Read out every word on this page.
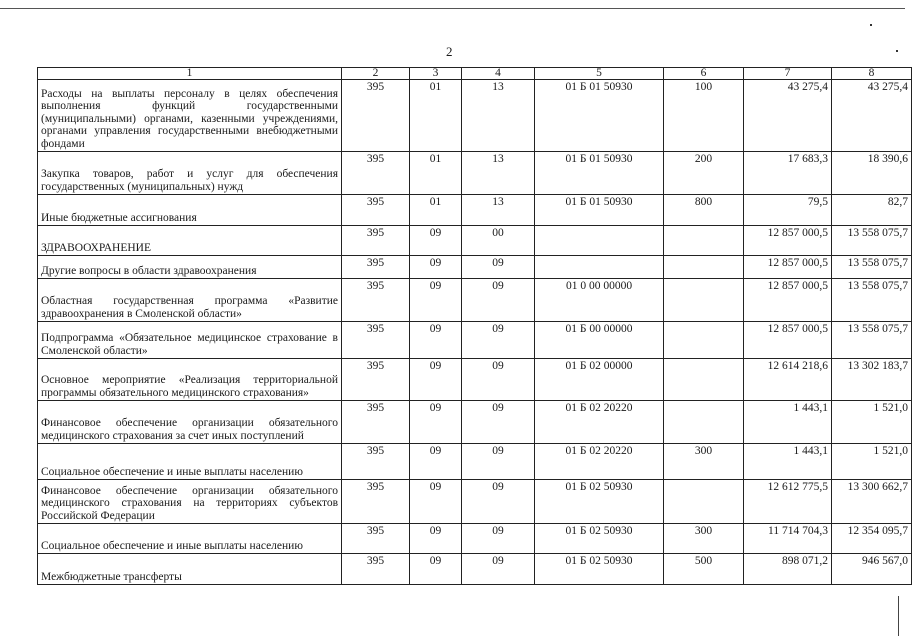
2
1	2	3	4	5	6	7	8
Расходы на выплаты персоналу в целях обеспечения выполнения функций государственными (муниципальными) органами, казенными учреждениями, органами управления государственными внебюджетными фондами	395	01	13	01 Б 01 50930	100	43 275,4	43 275,4
Закупка товаров, работ и услуг для обеспечения государственных (муниципальных) нужд	395	01	13	01 Б 01 50930	200	17 683,3	18 390,6
Иные бюджетные ассигнования	395	01	13	01 Б 01 50930	800	79,5	82,7
ЗДРАВООХРАНЕНИЕ	395	09	00			12 857 000,5	13 558 075,7
Другие вопросы в области здравоохранения	395	09	09			12 857 000,5	13 558 075,7
Областная государственная программа «Развитие здравоохранения в Смоленской области»	395	09	09	01 0 00 00000		12 857 000,5	13 558 075,7
Подпрограмма «Обязательное медицинское страхование в Смоленской области»	395	09	09	01 Б 00 00000		12 857 000,5	13 558 075,7
Основное мероприятие «Реализация территориальной программы обязательного медицинского страхования»	395	09	09	01 Б 02 00000		12 614 218,6	13 302 183,7
Финансовое обеспечение организации обязательного медицинского страхования за счет иных поступлений	395	09	09	01 Б 02 20220		1 443,1	1 521,0
Социальное обеспечение и иные выплаты населению	395	09	09	01 Б 02 20220	300	1 443,1	1 521,0
Финансовое обеспечение организации обязательного медицинского страхования на территориях субъектов Российской Федерации	395	09	09	01 Б 02 50930		12 612 775,5	13 300 662,7
Социальное обеспечение и иные выплаты населению	395	09	09	01 Б 02 50930	300	11 714 704,3	12 354 095,7
Межбюджетные трансферты	395	09	09	01 Б 02 50930	500	898 071,2	946 567,0
